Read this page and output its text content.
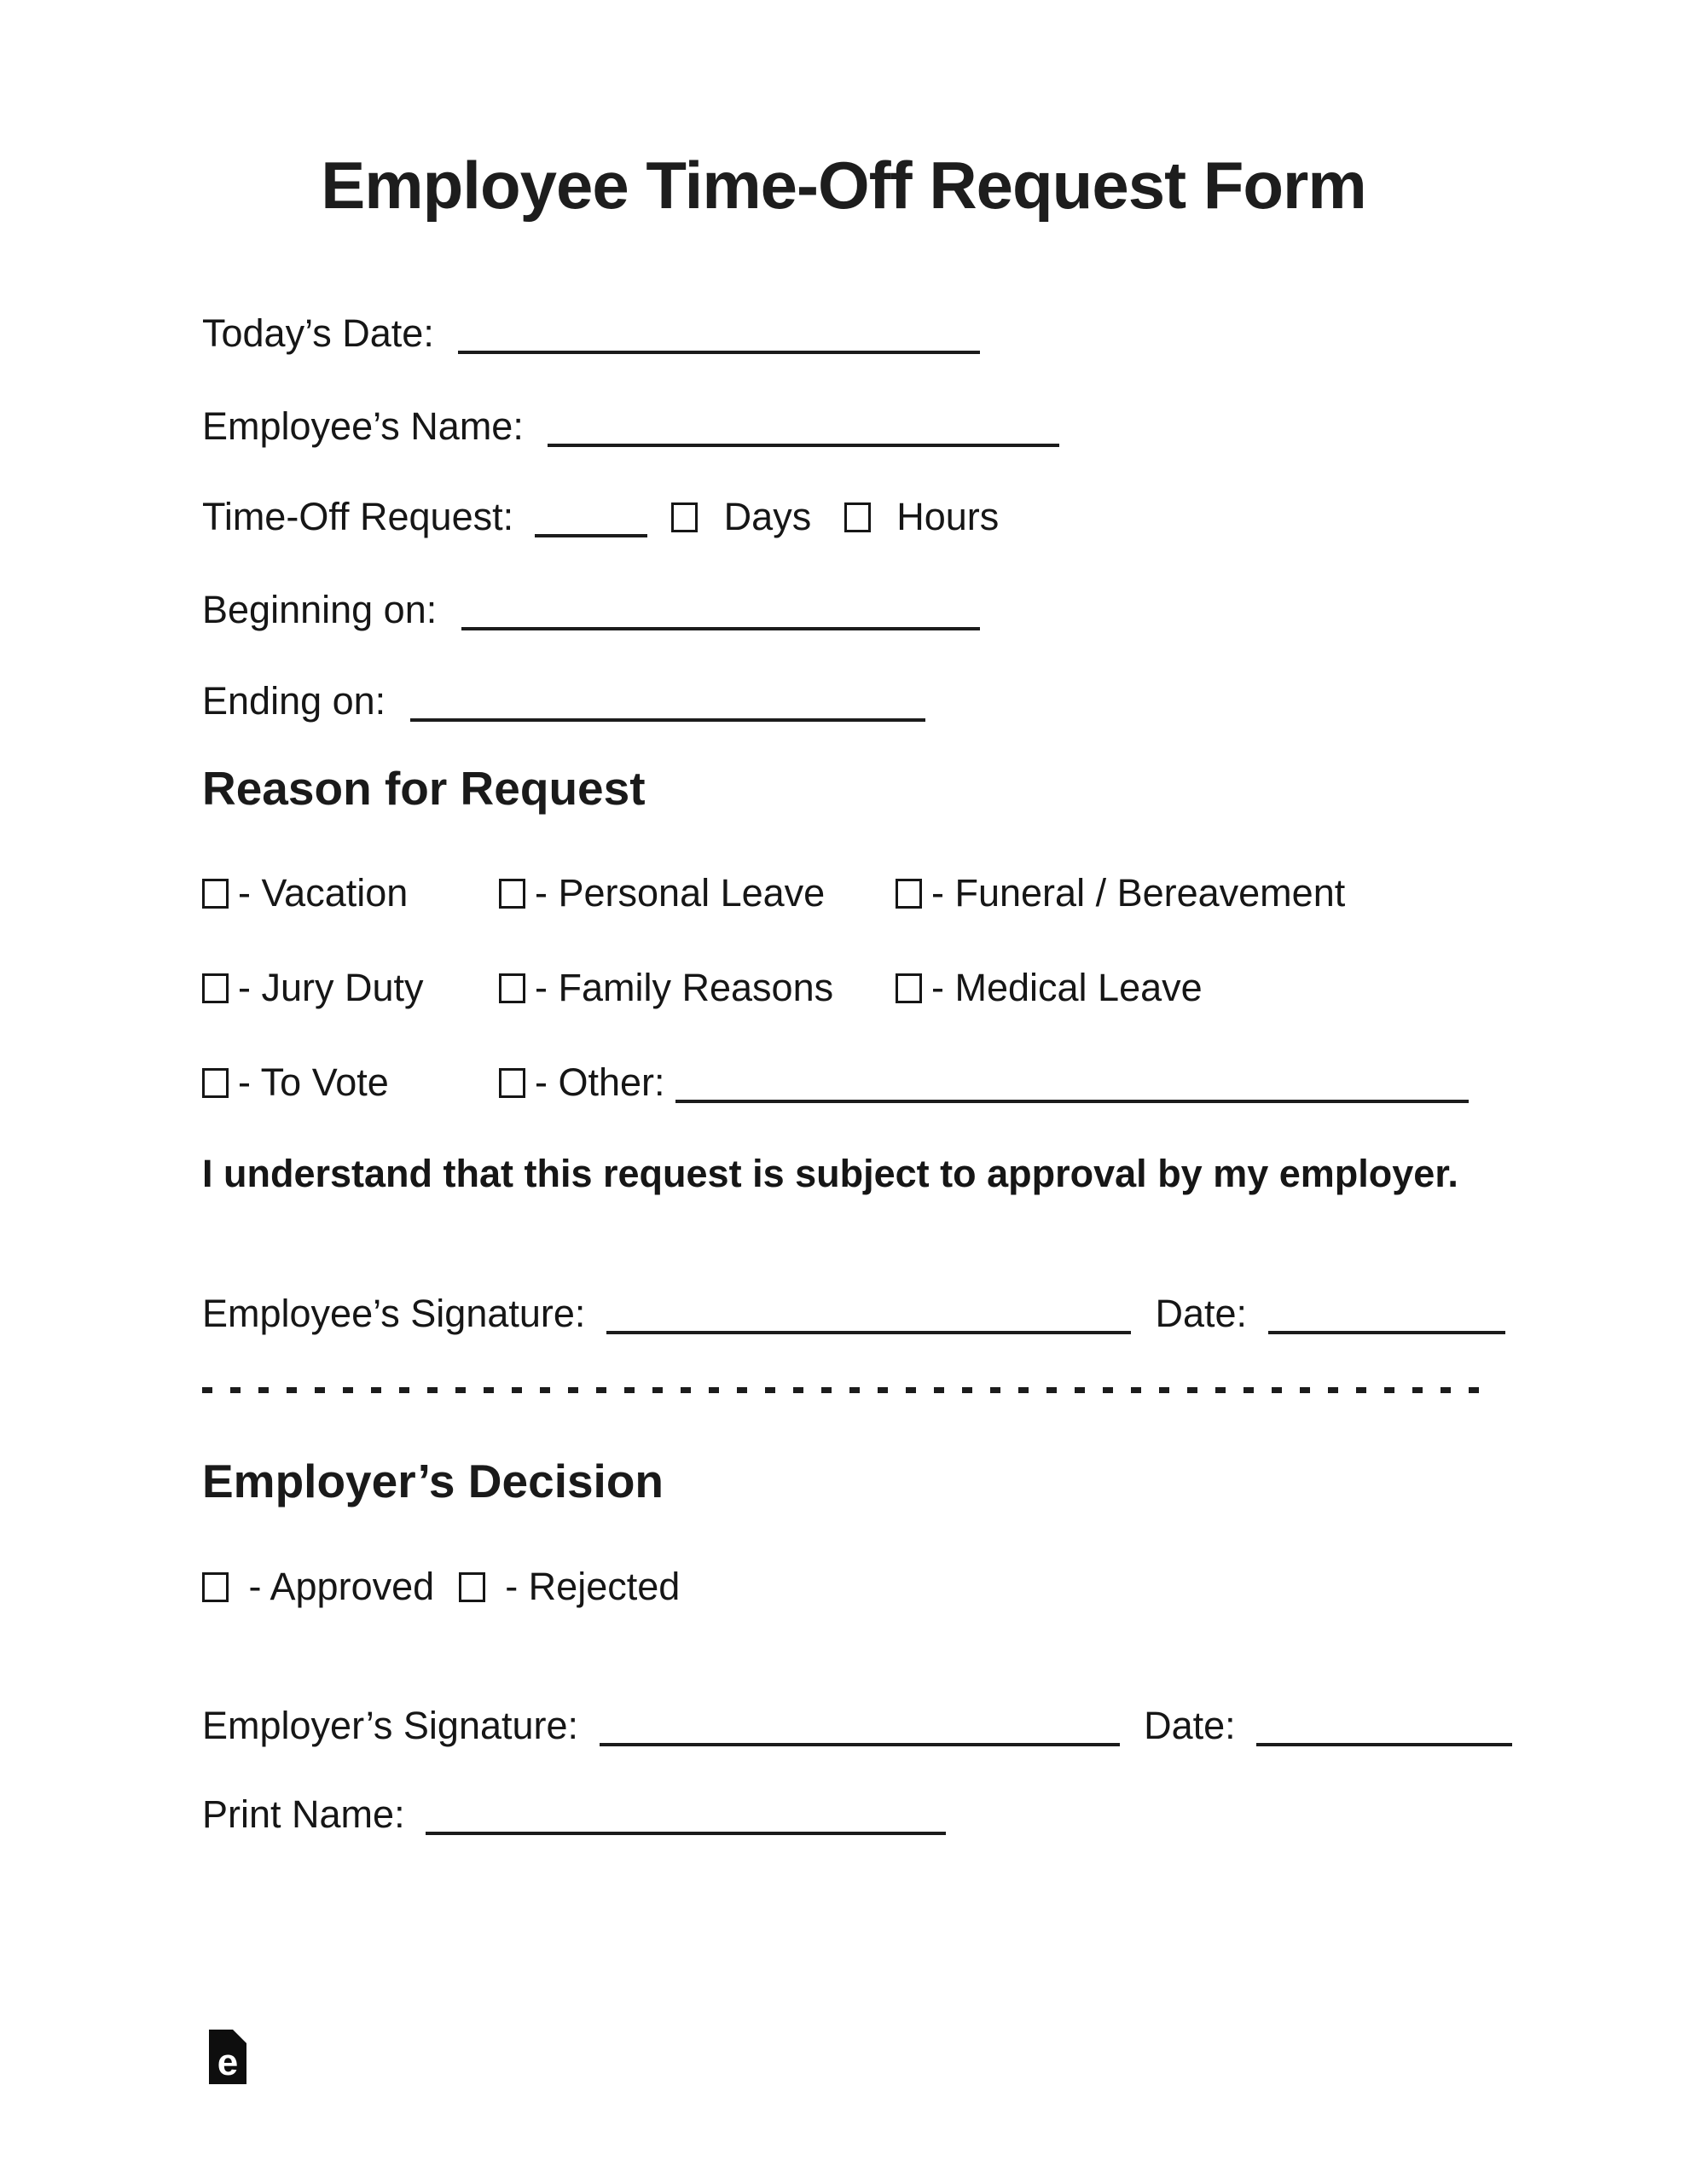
Employee Time-Off Request Form
Today’s Date:
Employee’s Name:
Time-Off Request:	Days Hours
Beginning on:
Ending on:
Reason for Request
- Vacation	- Personal Leave	- Funeral / Bereavement
- Jury Duty	- Family Reasons	- Medical Leave
- To Vote	- Other:
I understand that this request is subject to approval by my employer.
Employee’s Signature:	Date:
Employer’s Decision
- Approved - Rejected
Employer’s Signature:	Date:
Print Name:
e
